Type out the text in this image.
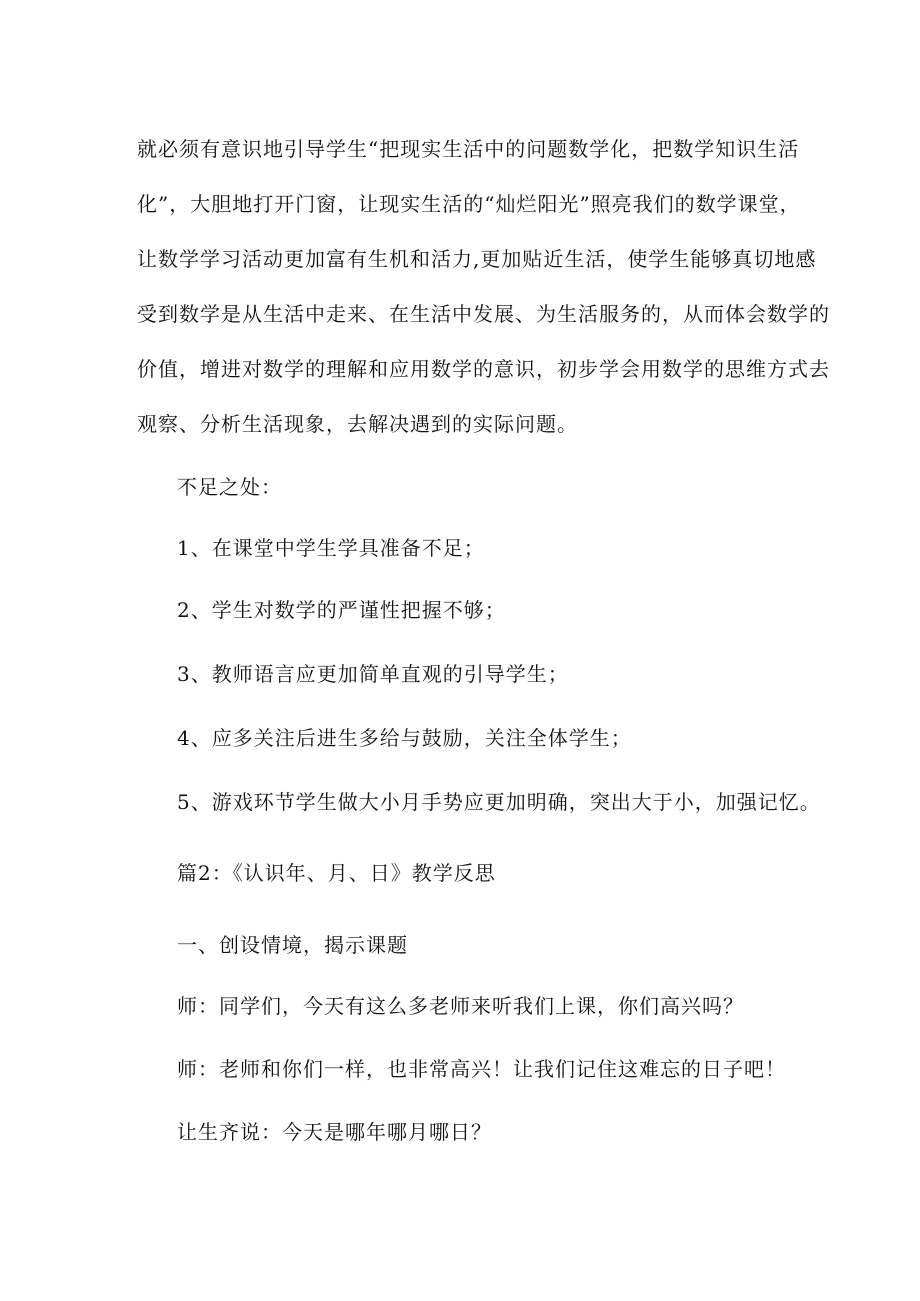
就必须有意识地引导学生“把现实生活中的问题数学化，把数学知识生活
化”，大胆地打开门窗，让现实生活的“灿烂阳光”照亮我们的数学课堂，
让数学学习活动更加富有生机和活力,更加贴近生活，使学生能够真切地感
受到数学是从生活中走来、在生活中发展、为生活服务的，从而体会数学的
价值，增进对数学的理解和应用数学的意识，初步学会用数学的思维方式去
观察、分析生活现象，去解决遇到的实际问题。
不足之处：
1、在课堂中学生学具准备不足；
2、学生对数学的严谨性把握不够；
3、教师语言应更加简单直观的引导学生；
4、应多关注后进生多给与鼓励，关注全体学生；
5、游戏环节学生做大小月手势应更加明确，突出大于小，加强记忆。
篇2：《认识年、月、日》教学反思
一、创设情境，揭示课题
师：同学们，今天有这么多老师来听我们上课，你们高兴吗？
师：老师和你们一样，也非常高兴！让我们记住这难忘的日子吧！
让生齐说：今天是哪年哪月哪日？
